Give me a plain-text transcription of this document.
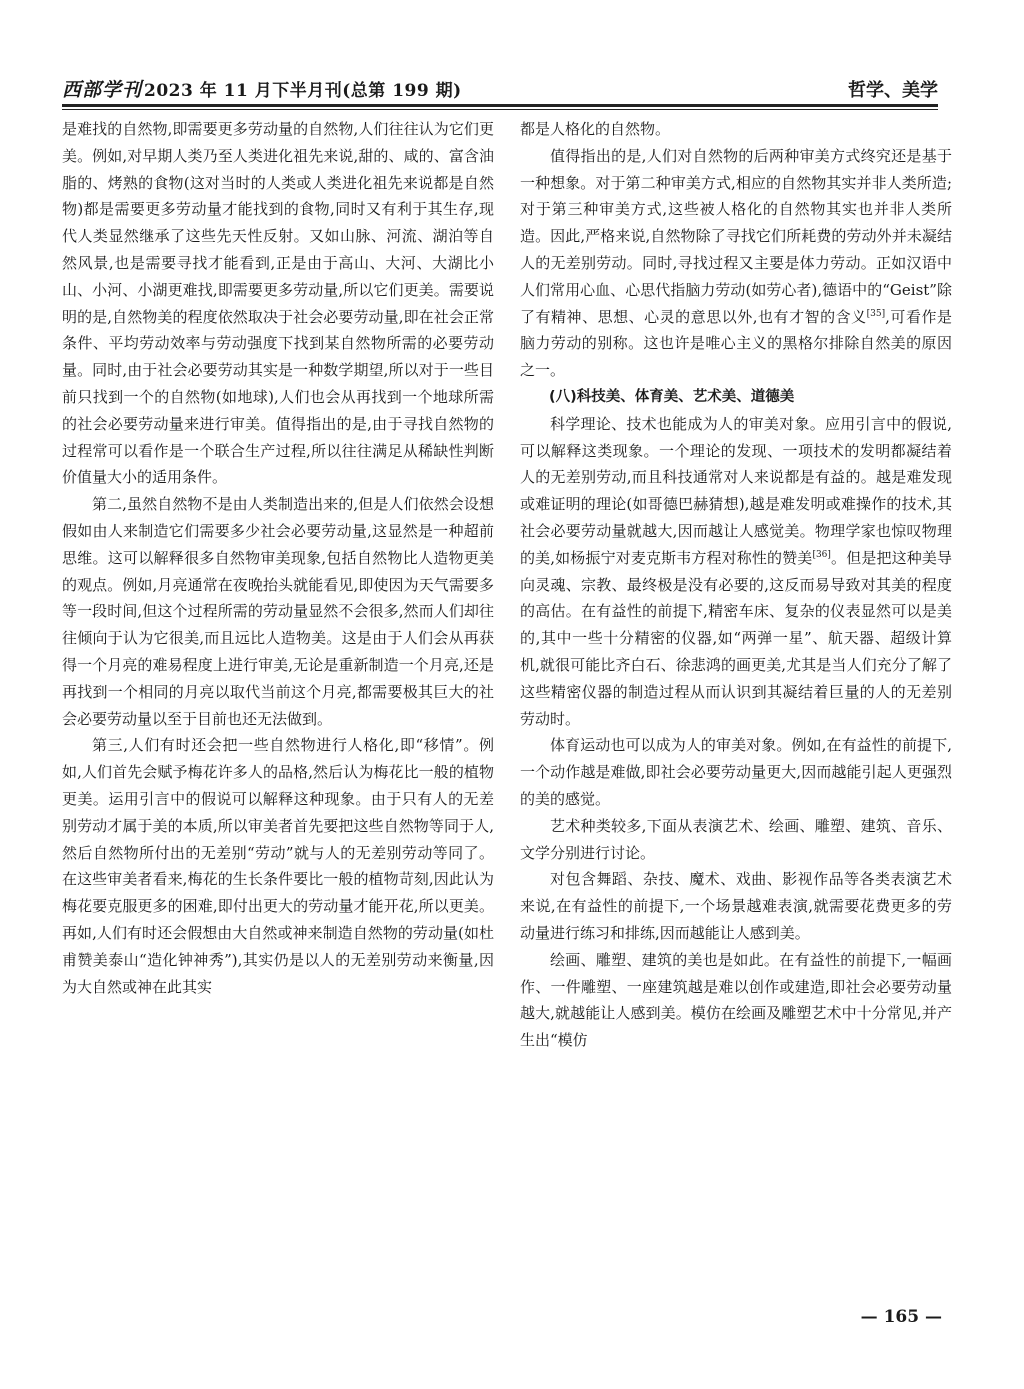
西部学刊 2023 年 11 月下半月刊(总第 199 期)	哲学、美学

是难找的自然物,即需要更多劳动量的自然物,人们往往认为它们更美。例如,对早期人类乃至人类进化祖先来说,甜的、咸的、富含油脂的、烤熟的食物(这对当时的人类或人类进化祖先来说都是自然物)都是需要更多劳动量才能找到的食物,同时又有利于其生存,现代人类显然继承了这些先天性反射。又如山脉、河流、湖泊等自然风景,也是需要寻找才能看到,正是由于高山、大河、大湖比小山、小河、小湖更难找,即需要更多劳动量,所以它们更美。需要说明的是,自然物美的程度依然取决于社会必要劳动量,即在社会正常条件、平均劳动效率与劳动强度下找到某自然物所需的必要劳动量。同时,由于社会必要劳动其实是一种数学期望,所以对于一些目前只找到一个的自然物(如地球),人们也会从再找到一个地球所需的社会必要劳动量来进行审美。值得指出的是,由于寻找自然物的过程常可以看作是一个联合生产过程,所以往往满足从稀缺性判断价值量大小的适用条件。

第二,虽然自然物不是由人类制造出来的,但是人们依然会设想假如由人来制造它们需要多少社会必要劳动量,这显然是一种超前思维。这可以解释很多自然物审美现象,包括自然物比人造物更美的观点。例如,月亮通常在夜晚抬头就能看见,即使因为天气需要多等一段时间,但这个过程所需的劳动量显然不会很多,然而人们却往往倾向于认为它很美,而且远比人造物美。这是由于人们会从再获得一个月亮的难易程度上进行审美,无论是重新制造一个月亮,还是再找到一个相同的月亮以取代当前这个月亮,都需要极其巨大的社会必要劳动量以至于目前也还无法做到。

第三,人们有时还会把一些自然物进行人格化,即“移情”。例如,人们首先会赋予梅花许多人的品格,然后认为梅花比一般的植物更美。运用引言中的假说可以解释这种现象。由于只有人的无差别劳动才属于美的本质,所以审美者首先要把这些自然物等同于人,然后自然物所付出的无差别“劳动”就与人的无差别劳动等同了。在这些审美者看来,梅花的生长条件要比一般的植物苛刻,因此认为梅花要克服更多的困难,即付出更大的劳动量才能开花,所以更美。再如,人们有时还会假想由大自然或神来制造自然物的劳动量(如杜甫赞美泰山“造化钟神秀”),其实仍是以人的无差别劳动来衡量,因为大自然或神在此其实

都是人格化的自然物。

值得指出的是,人们对自然物的后两种审美方式终究还是基于一种想象。对于第二种审美方式,相应的自然物其实并非人类所造;对于第三种审美方式,这些被人格化的自然物其实也并非人类所造。因此,严格来说,自然物除了寻找它们所耗费的劳动外并未凝结人的无差别劳动。同时,寻找过程又主要是体力劳动。正如汉语中人们常用心血、心思代指脑力劳动(如劳心者),德语中的“Geist”除了有精神、思想、心灵的意思以外,也有才智的含义[35],可看作是脑力劳动的别称。这也许是唯心主义的黑格尔排除自然美的原因之一。

(八)科技美、体育美、艺术美、道德美

科学理论、技术也能成为人的审美对象。应用引言中的假说,可以解释这类现象。一个理论的发现、一项技术的发明都凝结着人的无差别劳动,而且科技通常对人来说都是有益的。越是难发现或难证明的理论(如哥德巴赫猜想),越是难发明或难操作的技术,其社会必要劳动量就越大,因而越让人感觉美。物理学家也惊叹物理的美,如杨振宁对麦克斯韦方程对称性的赞美[36]。但是把这种美导向灵魂、宗教、最终极是没有必要的,这反而易导致对其美的程度的高估。在有益性的前提下,精密车床、复杂的仪表显然可以是美的,其中一些十分精密的仪器,如“两弹一星”、航天器、超级计算机,就很可能比齐白石、徐悲鸿的画更美,尤其是当人们充分了解了这些精密仪器的制造过程从而认识到其凝结着巨量的人的无差别劳动时。

体育运动也可以成为人的审美对象。例如,在有益性的前提下,一个动作越是难做,即社会必要劳动量更大,因而越能引起人更强烈的美的感觉。

艺术种类较多,下面从表演艺术、绘画、雕塑、建筑、音乐、文学分别进行讨论。

对包含舞蹈、杂技、魔术、戏曲、影视作品等各类表演艺术来说,在有益性的前提下,一个场景越难表演,就需要花费更多的劳动量进行练习和排练,因而越能让人感到美。

绘画、雕塑、建筑的美也是如此。在有益性的前提下,一幅画作、一件雕塑、一座建筑越是难以创作或建造,即社会必要劳动量越大,就越能让人感到美。模仿在绘画及雕塑艺术中十分常见,并产生出“模仿

— 165 —
